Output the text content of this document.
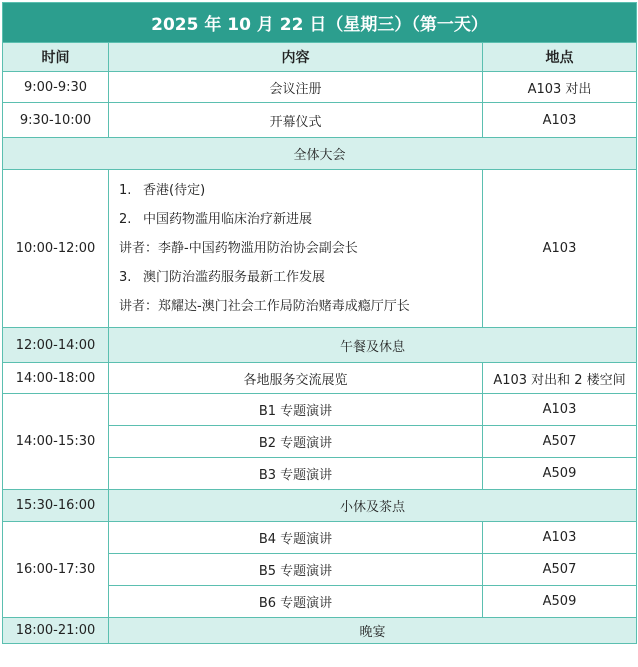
2025 年 10 月 22 日（星期三）（第一天）		
时间	内容	地点
9:00-9:30	会议注册	A103 对出
9:30-10:00	开幕仪式	A103
全体大会		
10:00-12:00	1. 香港(待定)
2. 中国药物滥用临床治疗新进展
讲者：李静-中国药物滥用防治协会副会长
3. 澳门防治滥药服务最新工作发展
讲者：郑耀达-澳门社会工作局防治赌毒成瘾厅厅长	A103
12:00-14:00	午餐及休息	
14:00-18:00	各地服务交流展览	A103 对出和 2 楼空间
14:00-15:30	B1 专题演讲	A103
	B2 专题演讲	A507
	B3 专题演讲	A509
15:30-16:00	小休及茶点	
16:00-17:30	B4 专题演讲	A103
	B5 专题演讲	A507
	B6 专题演讲	A509
18:00-21:00	晚宴	
